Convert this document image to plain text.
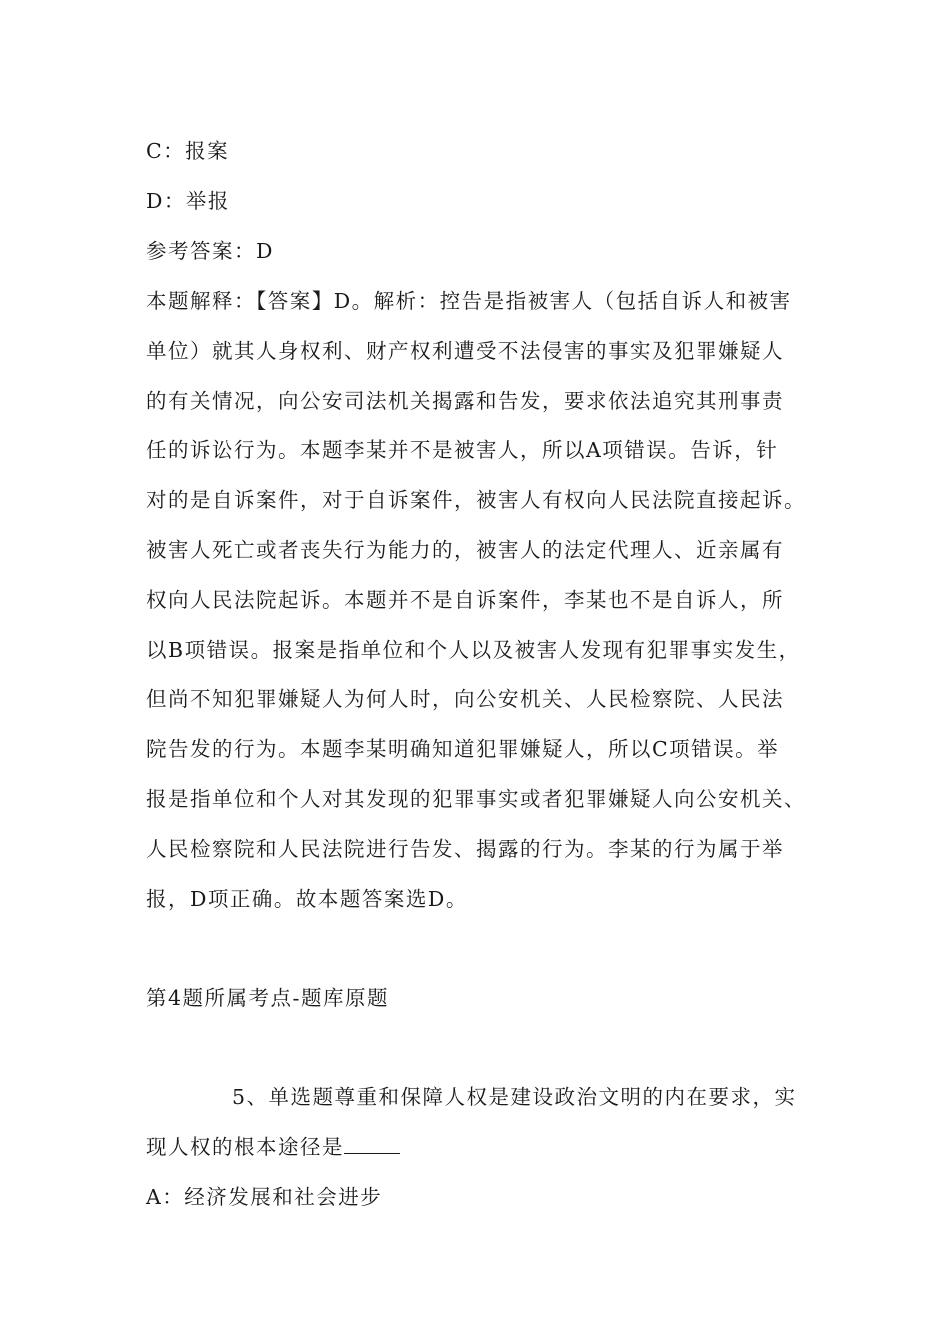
C：报案
D：举报
参考答案：D
本题解释：【答案】D。解析：控告是指被害人（包括自诉人和被害
单位）就其人身权利、财产权利遭受不法侵害的事实及犯罪嫌疑人
的有关情况，向公安司法机关揭露和告发，要求依法追究其刑事责
任的诉讼行为。本题李某并不是被害人，所以A项错误。告诉，针
对的是自诉案件，对于自诉案件，被害人有权向人民法院直接起诉。
被害人死亡或者丧失行为能力的，被害人的法定代理人、近亲属有
权向人民法院起诉。本题并不是自诉案件，李某也不是自诉人，所
以B项错误。报案是指单位和个人以及被害人发现有犯罪事实发生，
但尚不知犯罪嫌疑人为何人时，向公安机关、人民检察院、人民法
院告发的行为。本题李某明确知道犯罪嫌疑人，所以C项错误。举
报是指单位和个人对其发现的犯罪事实或者犯罪嫌疑人向公安机关、
人民检察院和人民法院进行告发、揭露的行为。李某的行为属于举
报，D项正确。故本题答案选D。
第4题所属考点-题库原题
5、单选题尊重和保障人权是建设政治文明的内在要求，实
现人权的根本途径是
A：经济发展和社会进步
